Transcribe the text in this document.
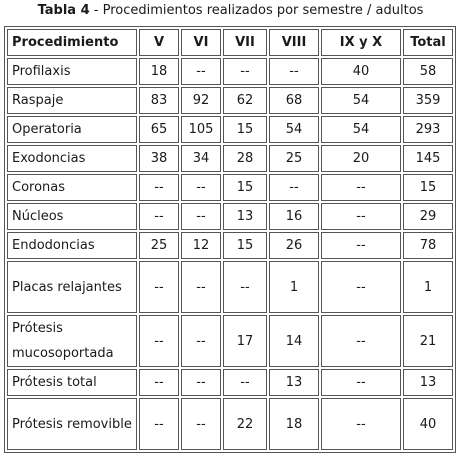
Tabla 4 - Procedimientos realizados por semestre / adultos
Procedimiento	V	VI	VII	VIII	IX y X	Total
Profilaxis	18	--	--	--	40	58
Raspaje	83	92	62	68	54	359
Operatoria	65	105	15	54	54	293
Exodoncias	38	34	28	25	20	145
Coronas	--	--	15	--	--	15
Núcleos	--	--	13	16	--	29
Endodoncias	25	12	15	26	--	78
Placas relajantes	--	--	--	1	--	1
Prótesis mucosoportada	--	--	17	14	--	21
Prótesis total	--	--	--	13	--	13
Prótesis removible	--	--	22	18	--	40
